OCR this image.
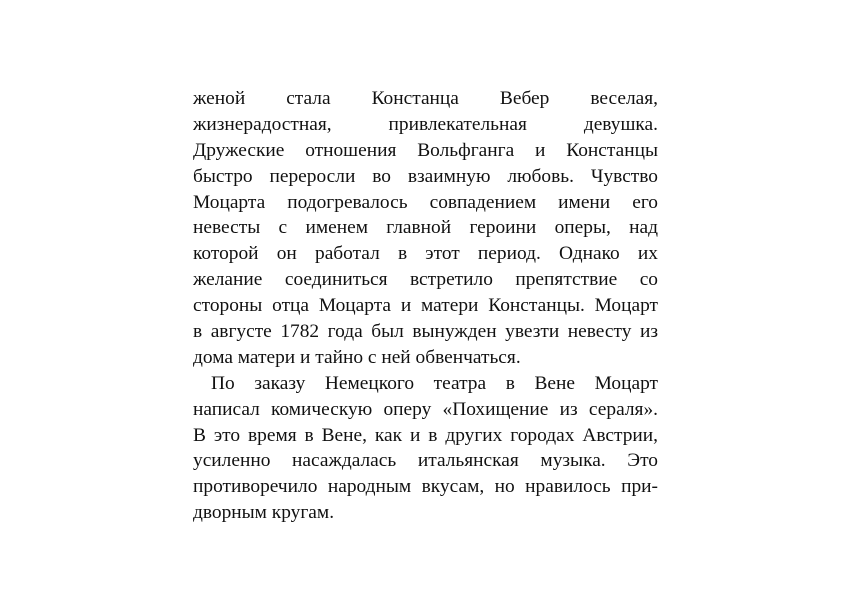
женой стала Констанца Вебер веселая,
жизнерадостная, привлекательная девушка.
Дружеские отношения Вольфганга и Констанцы
быстро переросли во взаимную любовь. Чувство
Моцарта подогревалось совпадением имени его
невесты с именем главной героини оперы, над
которой он работал в этот период. Однако их
желание соединиться встретило препятствие со
стороны отца Моцарта и матери Констанцы. Моцарт
в августе 1782 года был вынужден увезти невесту из
дома матери и тайно с ней обвенчаться.
По заказу Немецкого театра в Вене Моцарт
написал комическую оперу «Похищение из сераля».
В это время в Вене, как и в других городах Австрии,
усиленно насаждалась итальянская музыка. Это
противоречило народным вкусам, но нравилось при-
дворным кругам.
